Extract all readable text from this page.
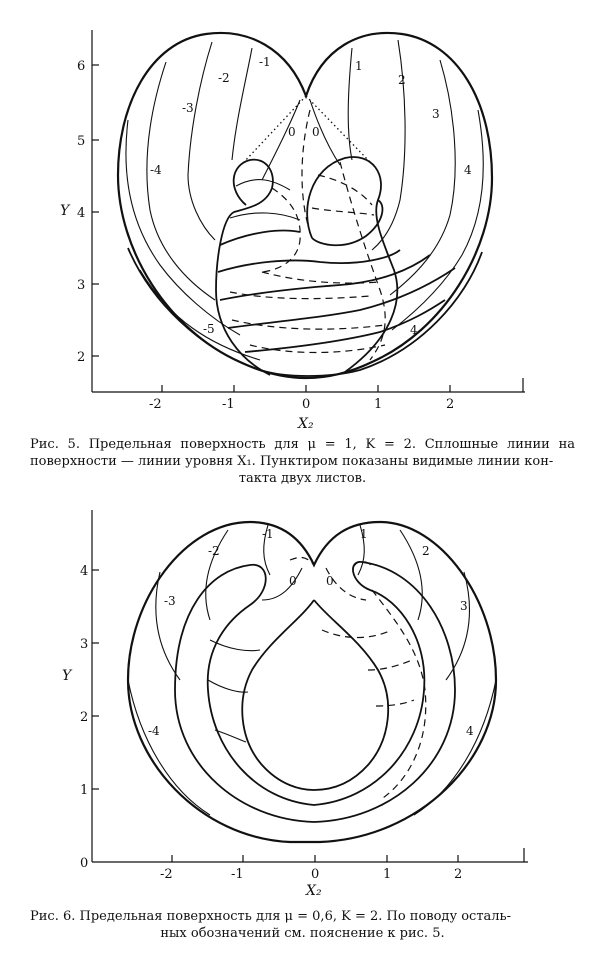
6
5
4
3
2
-2	-1	0	1	2
Y
X₂
-1
-2
-3
-4
-5
0 0
1
2
3
4
4
4
3
2
1
0
-2	-1	0	1	2
Y
X₂
-1
-2
-3
-4
0 0
1
2
3
4
Рис. 5. Предельная поверхность для μ = 1, K = 2. Сплошные линии на поверхности — линии уровня X₁. Пунктиром показаны видимые линии кон-
такта двух листов.
Рис. 6. Предельная поверхность для μ = 0,6, K = 2. По поводу осталь-
ных обозначений см. пояснение к рис. 5.
